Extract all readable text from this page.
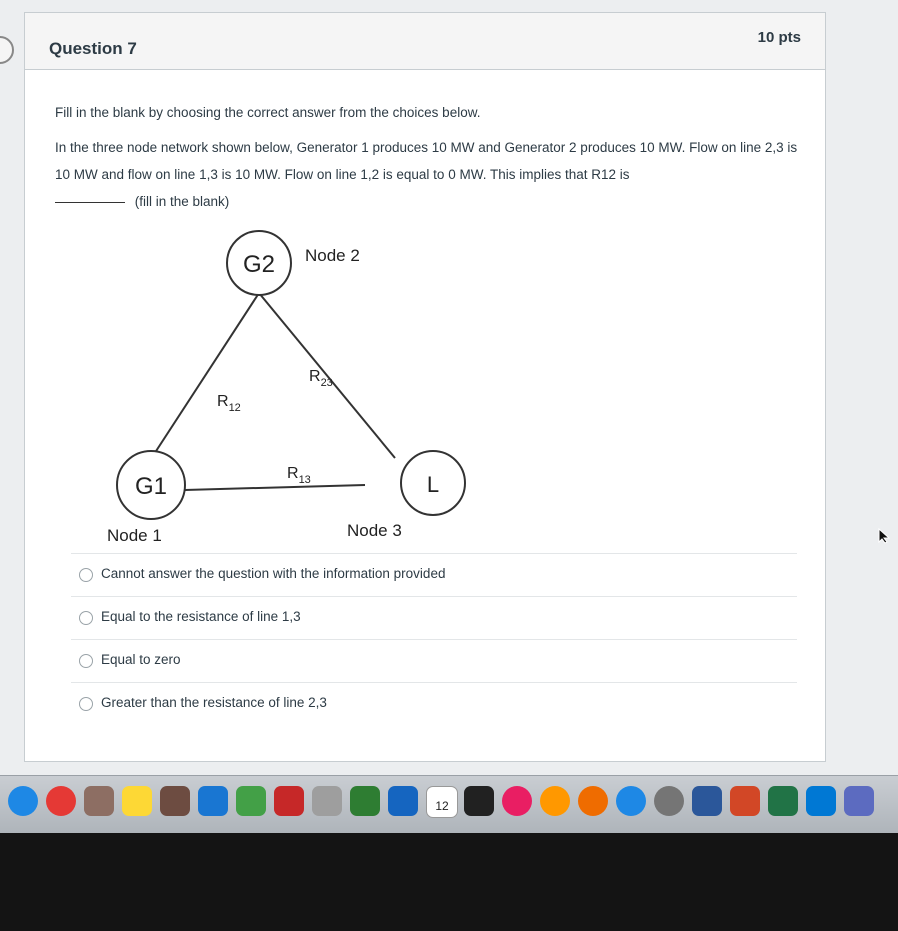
Question 7
10 pts

Fill in the blank by choosing the correct answer from the choices below.

In the three node network shown below, Generator 1 produces 10 MW and Generator 2 produces 10 MW. Flow on line 2,3 is 10 MW and flow on line 1,3 is 10 MW. Flow on line 1,2 is equal to 0 MW. This implies that R12 is
(fill in the blank)

G2 Node 2
G1
Node 1
L
Node 3
$R_{12}$
$R_{23}$
$R_{13}$
Cannot answer the question with the information provided
Equal to the resistance of line 1,3
Equal to zero
Greater than the resistance of line 2,3
12
